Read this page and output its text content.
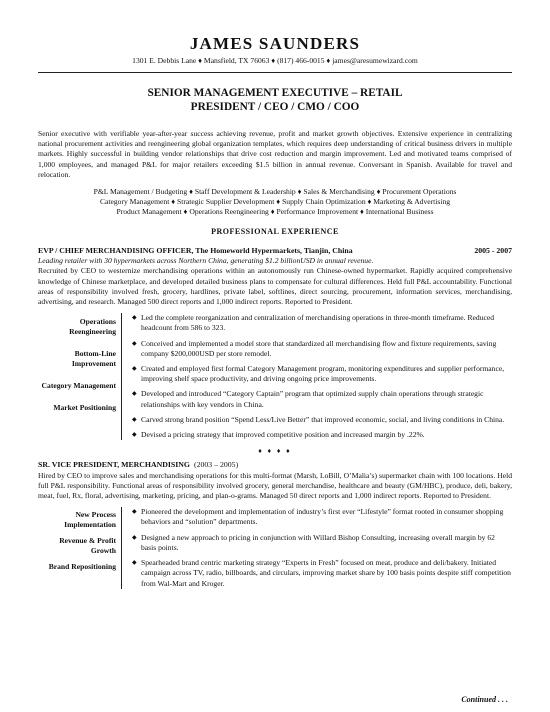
JAMES SAUNDERS
1301 E. Debbis Lane ♦ Mansfield, TX 76063 ♦ (817) 466-0015 ♦ james@aresumewizard.com
SENIOR MANAGEMENT EXECUTIVE – RETAIL
PRESIDENT / CEO / CMO / COO
Senior executive with verifiable year-after-year success achieving revenue, profit and market growth objectives. Extensive experience in centralizing national procurement activities and reengineering global organization templates, which requires deep understanding of critical business drivers in multiple markets. Highly successful in building vendor relationships that drive cost reduction and margin improvement. Led and motivated teams comprised of 1,000 employees, and managed P&L for major retailers exceeding $1.5 billion in annual revenue. Conversant in Spanish. Available for travel and relocation.
P&L Management / Budgeting ♦ Staff Development & Leadership ♦ Sales & Merchandising ♦ Procurement Operations
Category Management ♦ Strategic Supplier Development ♦ Supply Chain Optimization ♦ Marketing & Advertising
Product Management ♦ Operations Reengineering ♦ Performance Improvement ♦ International Business
PROFESSIONAL EXPERIENCE
EVP / CHIEF MERCHANDISING OFFICER, The Homeworld Hypermarkets, Tianjin, China	2005 - 2007
Leading retailer with 30 hypermarkets across Northern China, generating $1.2 billionUSD in annual revenue.
Recruited by CEO to westernize merchandising operations within an autonomously run Chinese-owned hypermarket. Rapidly acquired comprehensive knowledge of Chinese marketplace, and developed detailed business plans to compensate for cultural differences. Held full P&L accountability. Functional areas of responsibility involved fresh, grocery, hardlines, private label, softlines, direct sourcing, procurement, information services, merchandising, advertising, and research. Managed 500 direct reports and 1,000 indirect reports. Reported to President.
Operations Reengineering
Bottom-Line Improvement
Category Management
Market Positioning
◆ Led the complete reorganization and centralization of merchandising operations in three-month timeframe. Reduced headcount from 586 to 323.
◆ Conceived and implemented a model store that standardized all merchandising flow and fixture requirements, saving company $200,000USD per store remodel.
◆ Created and employed first formal Category Management program, monitoring expenditures and supplier performance, improving shelf space productivity, and driving ongoing price improvements.
◆ Developed and introduced “Category Captain” program that optimized supply chain operations through strategic relationships with key vendors in China.
◆ Carved strong brand position “Spend Less/Live Better” that improved economic, social, and living conditions in China.
◆ Devised a pricing strategy that improved competitive position and increased margin by .22%.
♦ ♦ ♦ ♦
SR. VICE PRESIDENT, MERCHANDISING (2003 – 2005)
Hired by CEO to improve sales and merchandising operations for this multi-format (Marsh, LoBill, O’Malia’s) supermarket chain with 100 locations. Held full P&L responsibility. Functional areas of responsibility involved grocery, general merchandise, healthcare and beauty (GM/HBC), produce, deli, bakery, meat, fuel, Rx, floral, advertising, marketing, pricing, and plan-o-grams. Managed 50 direct reports and 1,000 indirect reports. Reported to President.
New Process Implementation
Revenue & Profit Growth
Brand Repositioning
◆ Pioneered the development and implementation of industry’s first ever “Lifestyle” format rooted in consumer shopping behaviors and “solution” departments.
◆ Designed a new approach to pricing in conjunction with Willard Bishop Consulting, increasing overall margin by 62 basis points.
◆ Spearheaded brand centric marketing strategy “Experts in Fresh” focused on meat, produce and deli/bakery. Initiated campaign across TV, radio, billboards, and circulars, improving market share by 100 basis points despite stiff competition from Wal-Mart and Kroger.
Continued . . .
